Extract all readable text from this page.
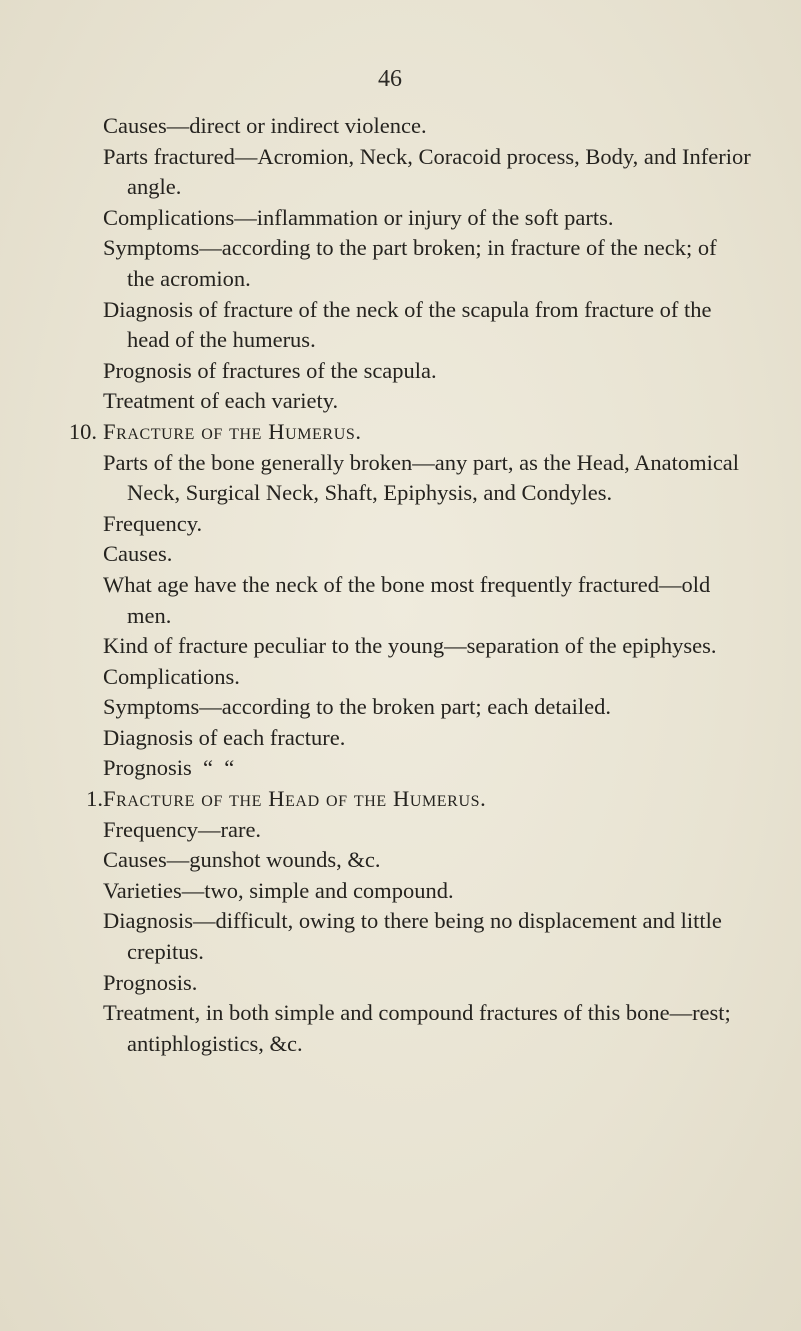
46

Causes—direct or indirect violence.

Parts fractured—Acromion, Neck, Coracoid process, Body, and Inferior angle.

Complications—inflammation or injury of the soft parts.

Symptoms—according to the part broken; in fracture of the neck; of the acromion.

Diagnosis of fracture of the neck of the scapula from fracture of the head of the humerus.

Prognosis of fractures of the scapula.

Treatment of each variety.

10. Fracture of the Humerus.

Parts of the bone generally broken—any part, as the Head, Anatomical Neck, Surgical Neck, Shaft, Epiphysis, and Condyles.

Frequency.

Causes.

What age have the neck of the bone most frequently fractured—old men.

Kind of fracture peculiar to the young—separation of the epiphyses.

Complications.

Symptoms—according to the broken part; each detailed.

Diagnosis of each fracture.

Prognosis  “  “

1. Fracture of the Head of the Humerus.

Frequency—rare.

Causes—gunshot wounds, &c.

Varieties—two, simple and compound.

Diagnosis—difficult, owing to there being no displacement and little crepitus.

Prognosis.

Treatment, in both simple and compound fractures of this bone—rest; antiphlogistics, &c.
